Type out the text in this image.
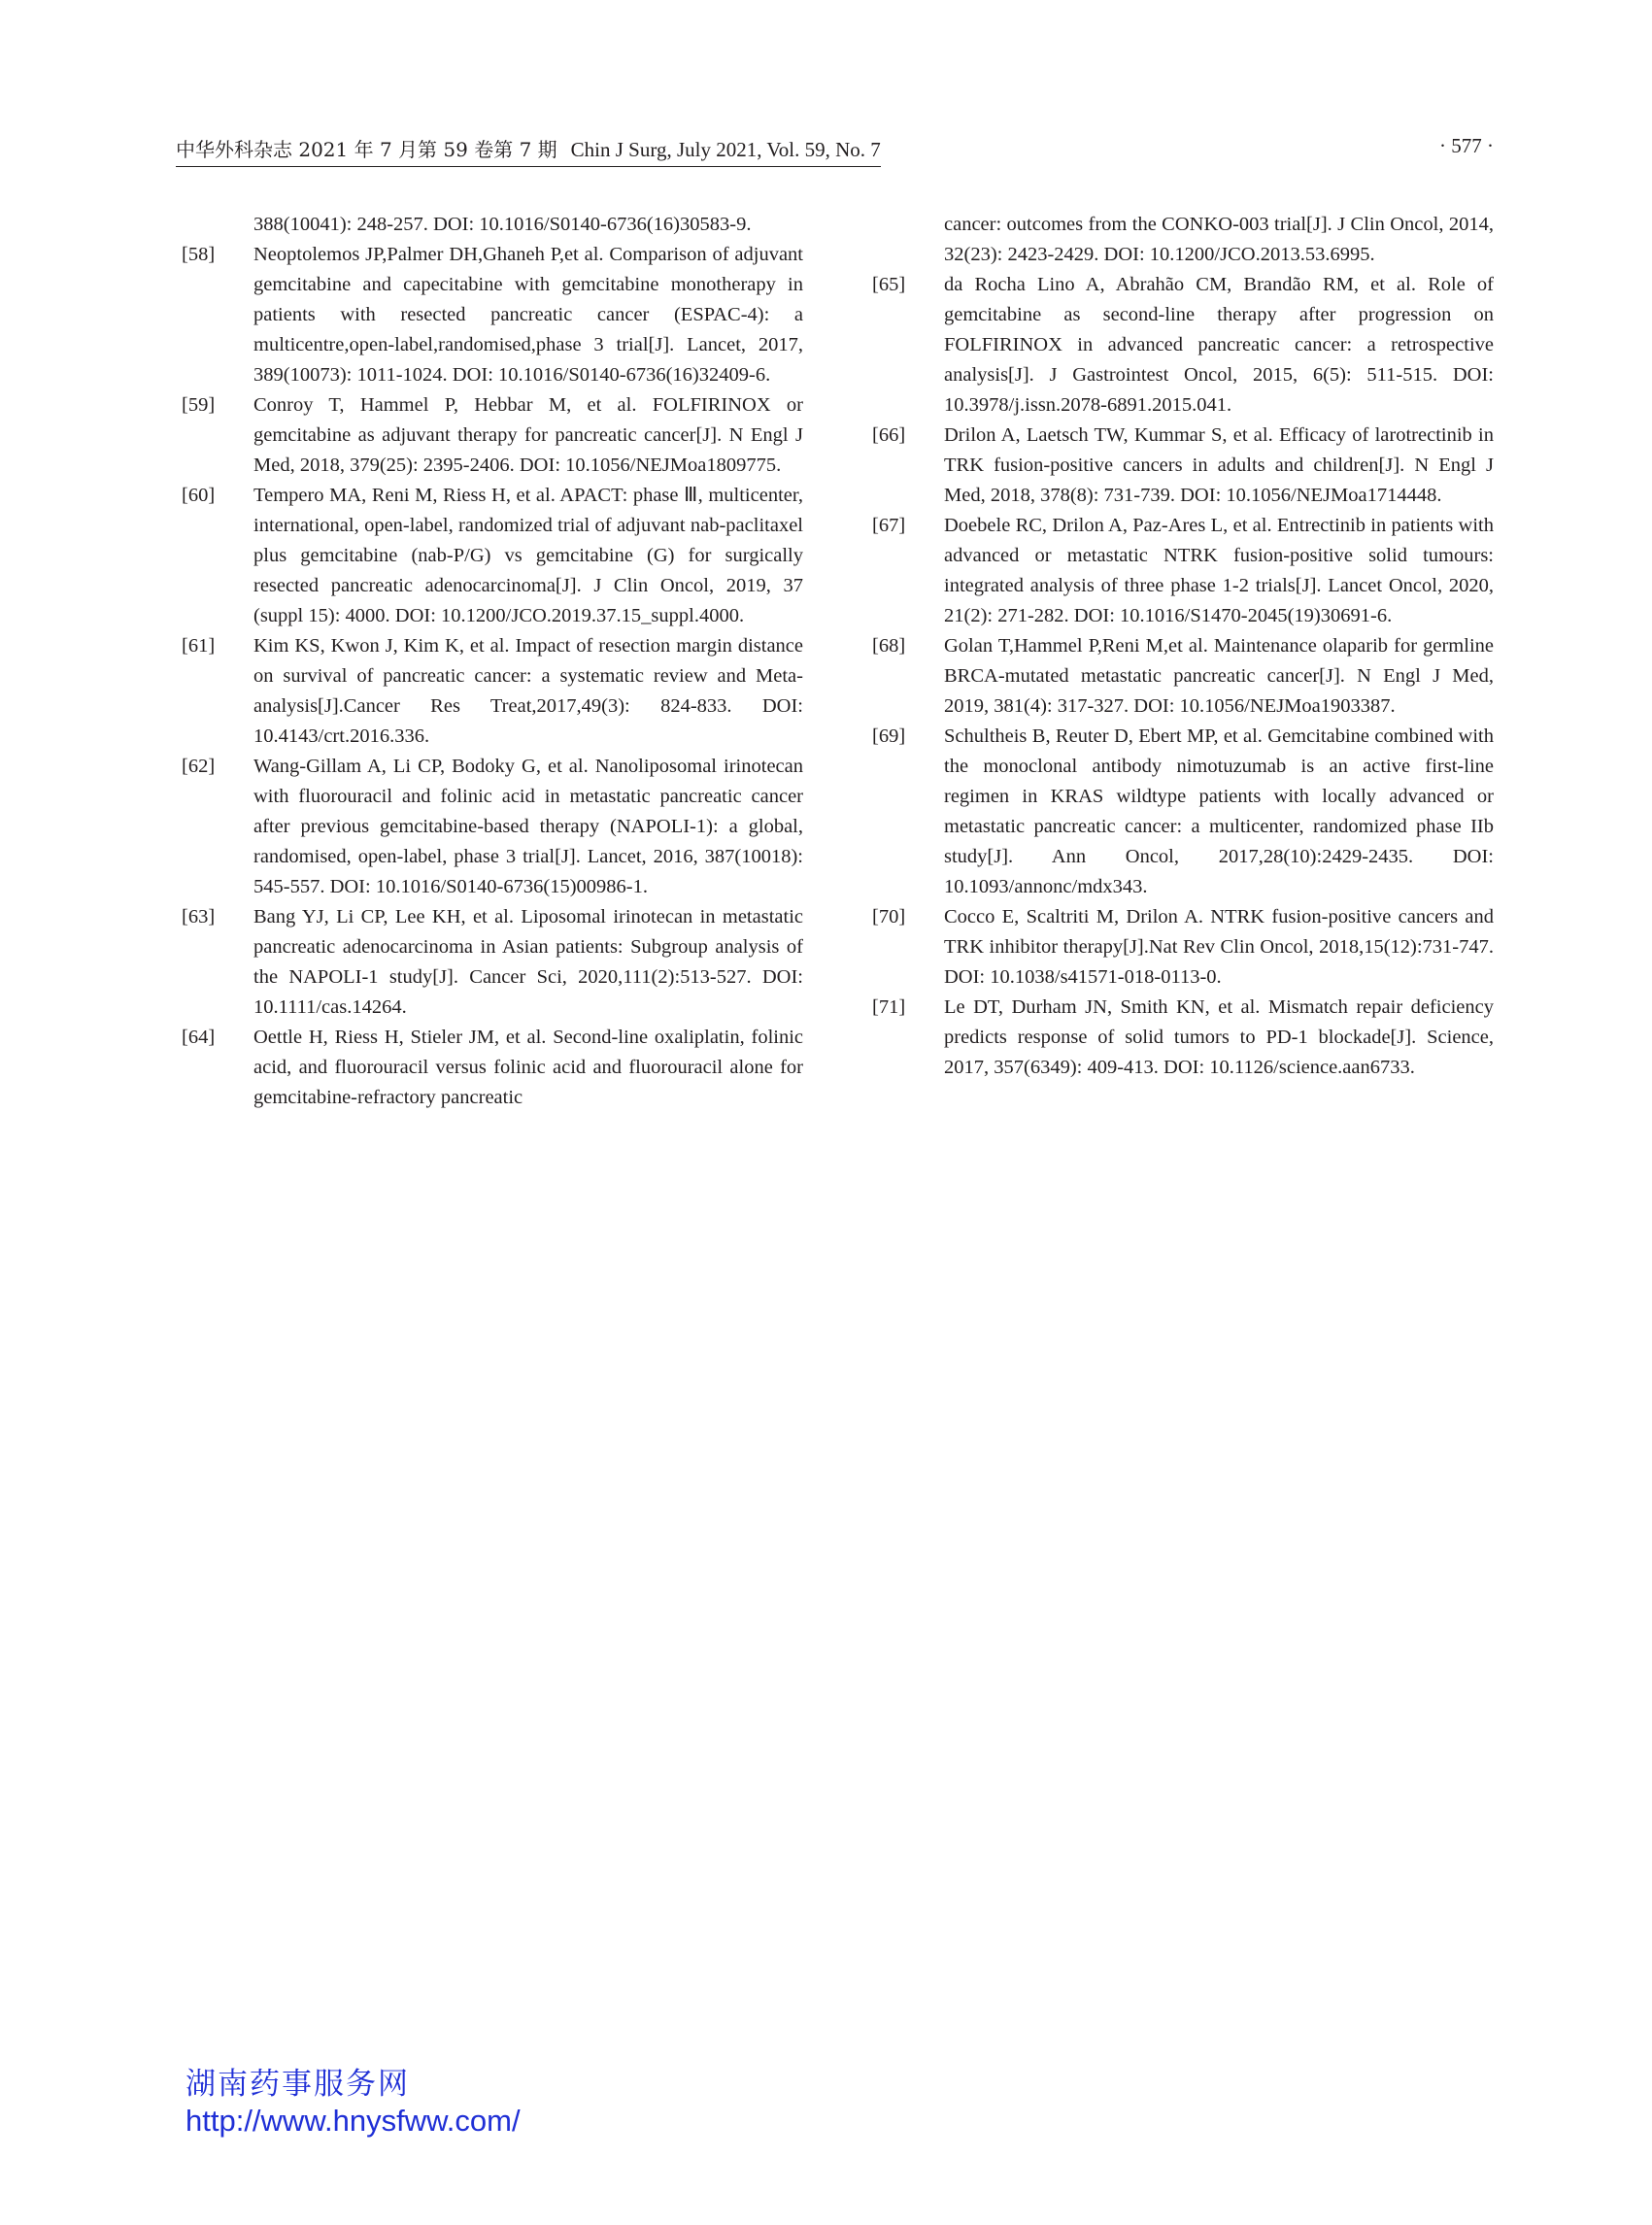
中华外科杂志 2021 年 7 月第 59 卷第 7 期 Chin J Surg, July 2021, Vol. 59, No. 7	· 577 ·
388(10041): 248-257. DOI: 10.1016/S0140-6736(16)30583-9.
[58] Neoptolemos JP,Palmer DH,Ghaneh P,et al. Comparison of adjuvant gemcitabine and capecitabine with gemcitabine monotherapy in patients with resected pancreatic cancer (ESPAC-4): a multicentre,open-label,randomised,phase 3 trial[J]. Lancet, 2017, 389(10073): 1011-1024. DOI: 10.1016/S0140-6736(16)32409-6.
[59] Conroy T, Hammel P, Hebbar M, et al. FOLFIRINOX or gemcitabine as adjuvant therapy for pancreatic cancer[J]. N Engl J Med, 2018, 379(25): 2395-2406. DOI: 10.1056/NEJMoa1809775.
[60] Tempero MA, Reni M, Riess H, et al. APACT: phase Ⅲ, multicenter, international, open-label, randomized trial of adjuvant nab-paclitaxel plus gemcitabine (nab-P/G) vs gemcitabine (G) for surgically resected pancreatic adenocarcinoma[J]. J Clin Oncol, 2019, 37 (suppl 15): 4000. DOI: 10.1200/JCO.2019.37.15_suppl.4000.
[61] Kim KS, Kwon J, Kim K, et al. Impact of resection margin distance on survival of pancreatic cancer: a systematic review and Meta-analysis[J].Cancer Res Treat,2017,49(3): 824-833. DOI: 10.4143/crt.2016.336.
[62] Wang-Gillam A, Li CP, Bodoky G, et al. Nanoliposomal irinotecan with fluorouracil and folinic acid in metastatic pancreatic cancer after previous gemcitabine-based therapy (NAPOLI-1): a global, randomised, open-label, phase 3 trial[J]. Lancet, 2016, 387(10018): 545-557. DOI: 10.1016/S0140-6736(15)00986-1.
[63] Bang YJ, Li CP, Lee KH, et al. Liposomal irinotecan in metastatic pancreatic adenocarcinoma in Asian patients: Subgroup analysis of the NAPOLI-1 study[J]. Cancer Sci, 2020,111(2):513-527. DOI: 10.1111/cas.14264.
[64] Oettle H, Riess H, Stieler JM, et al. Second-line oxaliplatin, folinic acid, and fluorouracil versus folinic acid and fluorouracil alone for gemcitabine-refractory pancreatic
cancer: outcomes from the CONKO-003 trial[J]. J Clin Oncol, 2014, 32(23): 2423-2429. DOI: 10.1200/JCO.2013.53.6995.
[65] da Rocha Lino A, Abrahão CM, Brandão RM, et al. Role of gemcitabine as second-line therapy after progression on FOLFIRINOX in advanced pancreatic cancer: a retrospective analysis[J]. J Gastrointest Oncol, 2015, 6(5): 511-515. DOI: 10.3978/j.issn.2078-6891.2015.041.
[66] Drilon A, Laetsch TW, Kummar S, et al. Efficacy of larotrectinib in TRK fusion-positive cancers in adults and children[J]. N Engl J Med, 2018, 378(8): 731-739. DOI: 10.1056/NEJMoa1714448.
[67] Doebele RC, Drilon A, Paz-Ares L, et al. Entrectinib in patients with advanced or metastatic NTRK fusion-positive solid tumours: integrated analysis of three phase 1-2 trials[J]. Lancet Oncol, 2020, 21(2): 271-282. DOI: 10.1016/S1470-2045(19)30691-6.
[68] Golan T,Hammel P,Reni M,et al. Maintenance olaparib for germline BRCA-mutated metastatic pancreatic cancer[J]. N Engl J Med, 2019, 381(4): 317-327. DOI: 10.1056/NEJMoa1903387.
[69] Schultheis B, Reuter D, Ebert MP, et al. Gemcitabine combined with the monoclonal antibody nimotuzumab is an active first-line regimen in KRAS wildtype patients with locally advanced or metastatic pancreatic cancer: a multicenter, randomized phase IIb study[J]. Ann Oncol, 2017,28(10):2429-2435. DOI: 10.1093/annonc/mdx343.
[70] Cocco E, Scaltriti M, Drilon A. NTRK fusion-positive cancers and TRK inhibitor therapy[J].Nat Rev Clin Oncol, 2018,15(12):731-747. DOI: 10.1038/s41571-018-0113-0.
[71] Le DT, Durham JN, Smith KN, et al. Mismatch repair deficiency predicts response of solid tumors to PD-1 blockade[J]. Science, 2017, 357(6349): 409-413. DOI: 10.1126/science.aan6733.
湖南药事服务网
http://www.hnysfww.com/
